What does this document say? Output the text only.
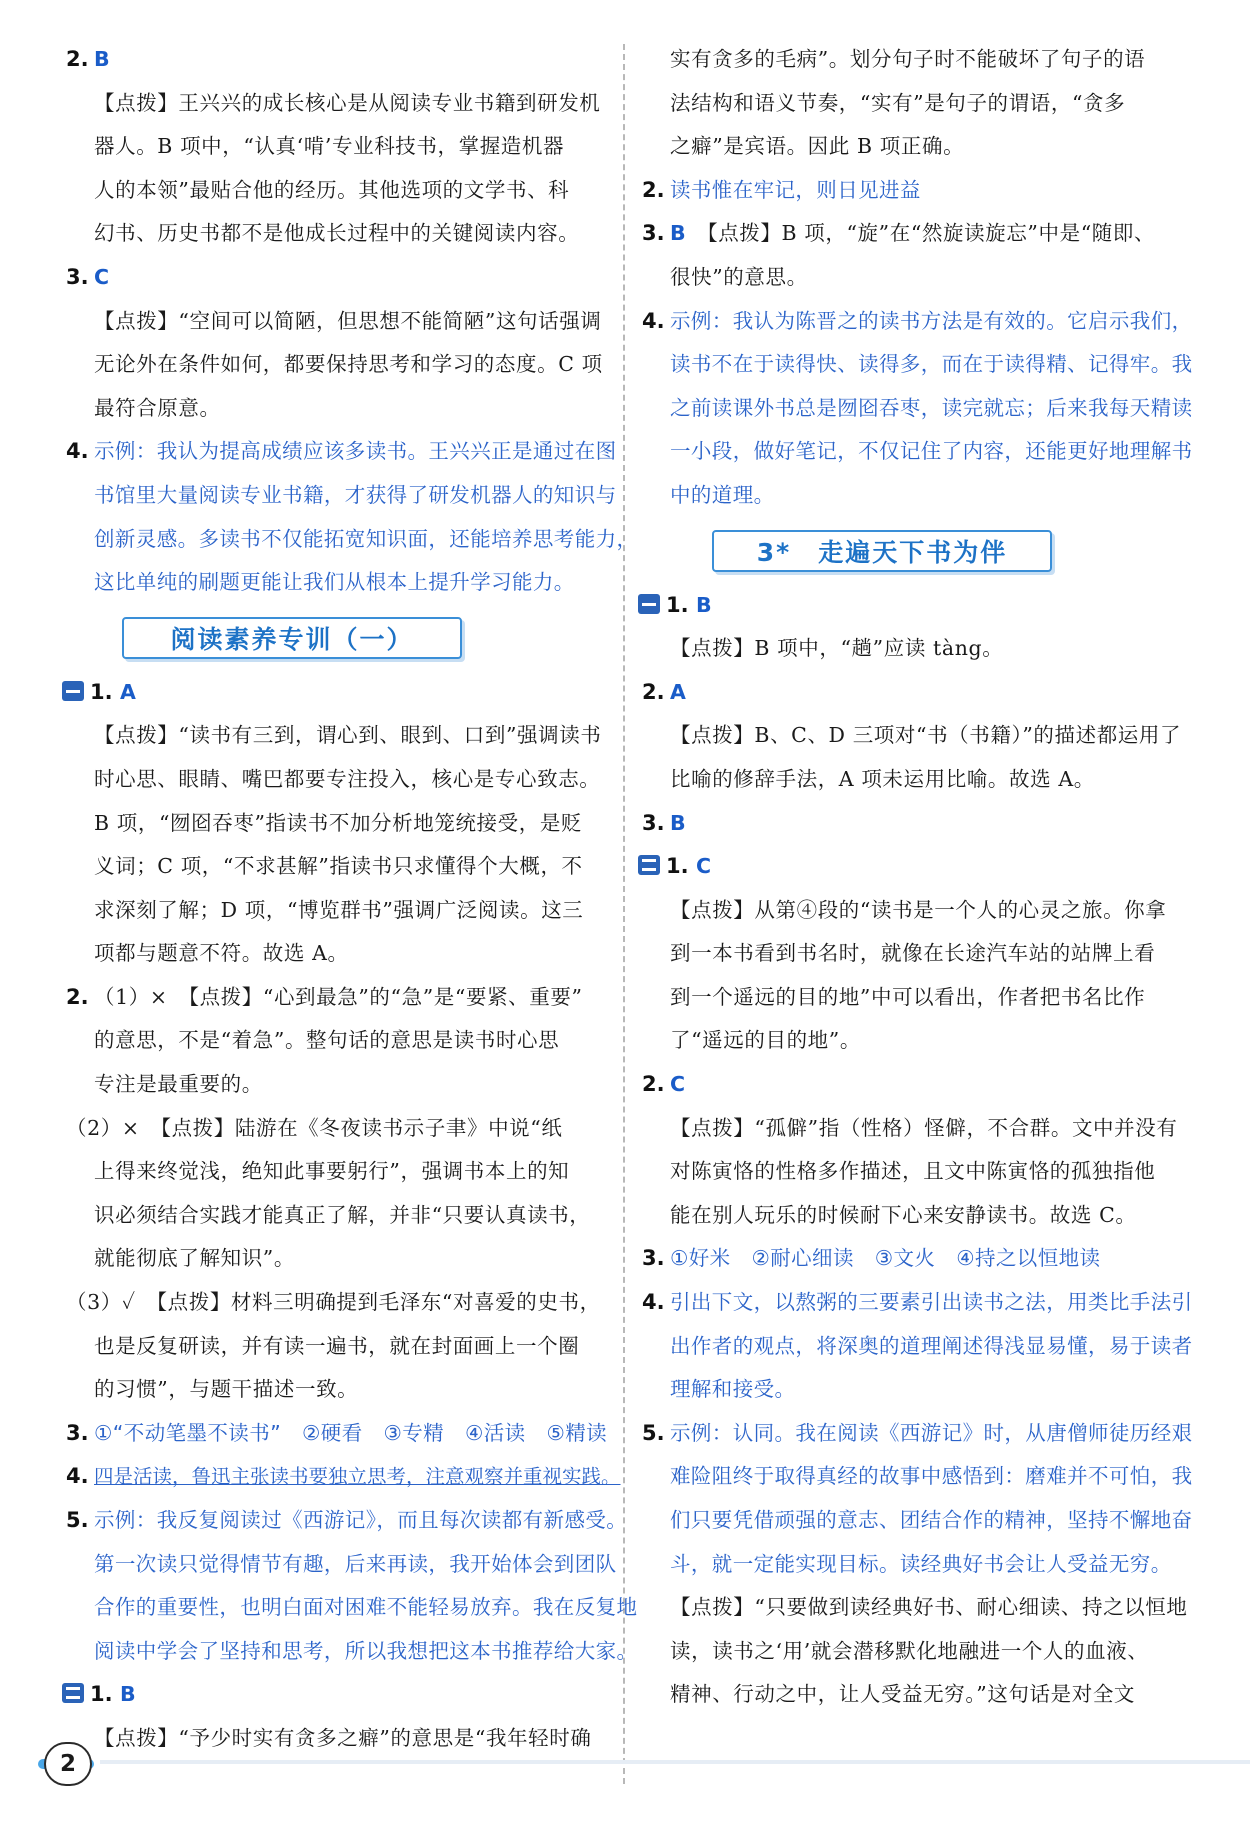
2. B
【点拨】王兴兴的成长核心是从阅读专业书籍到研发机
器人。B 项中，“认真‘啃’专业科技书，掌握造机器
人的本领”最贴合他的经历。其他选项的文学书、科
幻书、历史书都不是他成长过程中的关键阅读内容。
3. C
【点拨】“空间可以简陋，但思想不能简陋”这句话强调
无论外在条件如何，都要保持思考和学习的态度。C 项
最符合原意。
4. 示例：我认为提高成绩应该多读书。王兴兴正是通过在图
书馆里大量阅读专业书籍，才获得了研发机器人的知识与
创新灵感。多读书不仅能拓宽知识面，还能培养思考能力，
这比单纯的刷题更能让我们从根本上提升学习能力。
阅读素养专训（一）
1. A
【点拨】“读书有三到，谓心到、眼到、口到”强调读书
时心思、眼睛、嘴巴都要专注投入，核心是专心致志。
B 项，“囫囵吞枣”指读书不加分析地笼统接受，是贬
义词；C 项，“不求甚解”指读书只求懂得个大概，不
求深刻了解；D 项，“博览群书”强调广泛阅读。这三
项都与题意不符。故选 A。
2. （1）×　【点拨】“心到最急”的“急”是“要紧、重要”
的意思，不是“着急”。整句话的意思是读书时心思
专注是最重要的。
（2）×　【点拨】陆游在《冬夜读书示子聿》中说“纸
上得来终觉浅，绝知此事要躬行”，强调书本上的知
识必须结合实践才能真正了解，并非“只要认真读书，
就能彻底了解知识”。
（3）✓　【点拨】材料三明确提到毛泽东“对喜爱的史书，
也是反复研读，并有读一遍书，就在封面画上一个圈
的习惯”，与题干描述一致。
3. ①“不动笔墨不读书”　②硬看　③专精　④活读　⑤精读
4. 四是活读，鲁迅主张读书要独立思考，注意观察并重视实践。
5. 示例：我反复阅读过《西游记》，而且每次读都有新感受。
第一次读只觉得情节有趣，后来再读，我开始体会到团队
合作的重要性，也明白面对困难不能轻易放弃。我在反复地
阅读中学会了坚持和思考，所以我想把这本书推荐给大家。
1. B
【点拨】“予少时实有贪多之癖”的意思是“我年轻时确
实有贪多的毛病”。划分句子时不能破坏了句子的语
法结构和语义节奏，“实有”是句子的谓语，“贪多
之癖”是宾语。因此 B 项正确。
2. 读书惟在牢记，则日见进益
3. B　 【点拨】B 项，“旋”在“然旋读旋忘”中是“随即、
很快”的意思。
4. 示例：我认为陈晋之的读书方法是有效的。它启示我们，
读书不在于读得快、读得多，而在于读得精、记得牢。我
之前读课外书总是囫囵吞枣，读完就忘；后来我每天精读
一小段，做好笔记，不仅记住了内容，还能更好地理解书
中的道理。
3*　走遍天下书为伴
1. B
【点拨】B 项中，“趟”应读 tàng。
2. A
【点拨】B、C、D 三项对“书（书籍）”的描述都运用了
比喻的修辞手法，A 项未运用比喻。故选 A。
3. B
1. C
【点拨】从第④段的“读书是一个人的心灵之旅。你拿
到一本书看到书名时，就像在长途汽车站的站牌上看
到一个遥远的目的地”中可以看出，作者把书名比作
了“遥远的目的地”。
2. C
【点拨】“孤僻”指（性格）怪僻，不合群。文中并没有
对陈寅恪的性格多作描述，且文中陈寅恪的孤独指他
能在别人玩乐的时候耐下心来安静读书。故选 C。
3. ①好米　②耐心细读　③文火　④持之以恒地读
4. 引出下文，以熬粥的三要素引出读书之法，用类比手法引
出作者的观点，将深奥的道理阐述得浅显易懂，易于读者
理解和接受。
5. 示例：认同。我在阅读《西游记》时，从唐僧师徒历经艰
难险阻终于取得真经的故事中感悟到：磨难并不可怕，我
们只要凭借顽强的意志、团结合作的精神，坚持不懈地奋
斗，就一定能实现目标。读经典好书会让人受益无穷。
【点拨】“只要做到读经典好书、耐心细读、持之以恒地
读，读书之‘用’就会潜移默化地融进一个人的血液、
精神、行动之中，让人受益无穷。”这句话是对全文
2
